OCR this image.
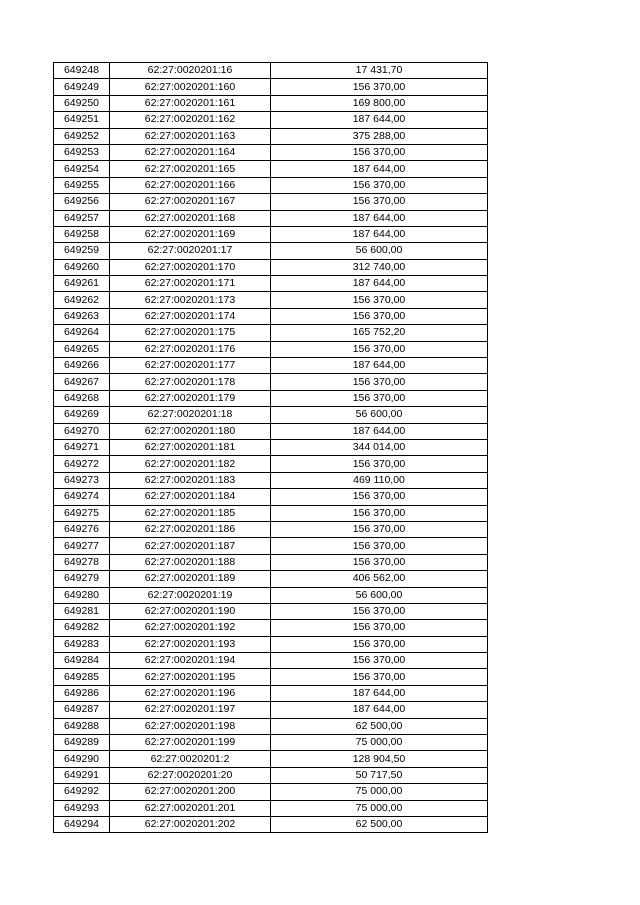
649248	62:27:0020201:16	17 431,70
649249	62:27:0020201:160	156 370,00
649250	62:27:0020201:161	169 800,00
649251	62:27:0020201:162	187 644,00
649252	62:27:0020201:163	375 288,00
649253	62:27:0020201:164	156 370,00
649254	62:27:0020201:165	187 644,00
649255	62:27:0020201:166	156 370,00
649256	62:27:0020201:167	156 370,00
649257	62:27:0020201:168	187 644,00
649258	62:27:0020201:169	187 644,00
649259	62:27:0020201:17	56 600,00
649260	62:27:0020201:170	312 740,00
649261	62:27:0020201:171	187 644,00
649262	62:27:0020201:173	156 370,00
649263	62:27:0020201:174	156 370,00
649264	62:27:0020201:175	165 752,20
649265	62:27:0020201:176	156 370,00
649266	62:27:0020201:177	187 644,00
649267	62:27:0020201:178	156 370,00
649268	62:27:0020201:179	156 370,00
649269	62:27:0020201:18	56 600,00
649270	62:27:0020201:180	187 644,00
649271	62:27:0020201:181	344 014,00
649272	62:27:0020201:182	156 370,00
649273	62:27:0020201:183	469 110,00
649274	62:27:0020201:184	156 370,00
649275	62:27:0020201:185	156 370,00
649276	62:27:0020201:186	156 370,00
649277	62:27:0020201:187	156 370,00
649278	62:27:0020201:188	156 370,00
649279	62:27:0020201:189	406 562,00
649280	62:27:0020201:19	56 600,00
649281	62:27:0020201:190	156 370,00
649282	62:27:0020201:192	156 370,00
649283	62:27:0020201:193	156 370,00
649284	62:27:0020201:194	156 370,00
649285	62:27:0020201:195	156 370,00
649286	62:27:0020201:196	187 644,00
649287	62:27:0020201:197	187 644,00
649288	62:27:0020201:198	62 500,00
649289	62:27:0020201:199	75 000,00
649290	62:27:0020201:2	128 904,50
649291	62:27:0020201:20	50 717,50
649292	62:27:0020201:200	75 000,00
649293	62:27:0020201:201	75 000,00
649294	62:27:0020201:202	62 500,00
